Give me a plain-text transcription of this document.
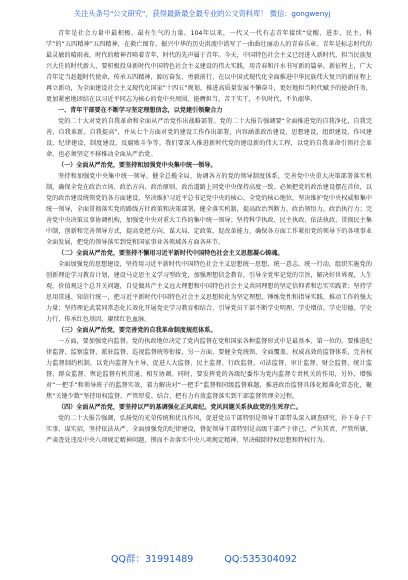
关注头条号"公文研究"，获得最新最全最专业的公文资料库！ 微信：gongwenyj

青年是社会力量中最积极、最有生气的力量。104年以来，一代又一代有志青年接续“觉醒、进步、民主、科学”的“五四精神”五四精神，在救亡图存、振兴中华的历史洪流中谱写了一曲曲壮丽动人的青春乐章。青年是标志时代的最灵敏的晴雨表，时代的精神召唤着青年，时代的先声属于青年。今天，中国特色社会主义已经进入新时代，担当民族复兴大任的时代新人，要积极投身新时代中国特色社会主义建设的伟大实践，用青春和汗水书写新的篇章。新征程上，广大青年定当赶超时代使命，传承五四精神，踔厉奋发、勇毅前行，在以中国式现代化全面推进中华民族伟大复兴的新征程上再立新功，为全面建设社会主义现代化国家“十四五”规划、推进高质量发展不懈奋斗，更好地担当时代赋予的使命任务，更加紧密地团结在以习近平同志为核心的党中央周围，挺膺担当、苦干实干，不负时代，不负韶华。

一、青年干部要在不断学习坚定理想信念，以党建引领聚合力

党的二十大对党的自我革命和全面从严治党作出战略部署。党的二十大报告强调要“全面推进党的自我净化、自我完善、自我革新、自我提高”，并从七个方面对党的建设工作作出部署，内容涵盖政治建设、思想建设、组织建设、作风建设、纪律建设、制度建设、反腐败斗争等。我们要深入推进新时代党的建设新的伟大工程，以党的自我革命引领社会革命，也必须坚定不移推动全面从严治党。

（一）全面从严治党，要坚持和加强党中央集中统一领导。

坚持和加强党中央集中统一领导，健全总揽全局、协调各方的党的领导制度体系，完善党中央重大决策部署落实机制，确保全党在政治立场、政治方向、政治原则、政治道路上同党中央保持高度一致。必须把党的政治建设摆在首位，以党的政治建设统领党的各方面建设，坚决维护习近平总书记党中央的核心、全党的核心地位，坚决维护党中央权威和集中统一领导，全面贯彻落实党的路线方针政策和决策部署，健全落实机制，提高政治判断力、政治领悟力、政治执行力；完善党中央决策议事协调机构，加强党中央对重大工作的集中统一领导；坚持科学执政、民主执政、依法执政，贯彻民主集中制，创新和完善领导方式，提高党把方向、谋大局、定政策、促改革能力，确保各方面工作紧扣党的领导下的各项事业全面发展，把党的领导落实到党和国家事业各领域各方面各环节。

（二）全面从严治党，要坚持不懈用习近平新时代中国特色社会主义思想凝心铸魂。

全面加强党的思想建设，坚持用习近平新时代中国特色社会主义思想统一思想、统一意志、统一行动，组织实施党的创新理论学习教育计划，建设马克思主义学习型政党，加强理想信念教育，引导全党牢记党的宗旨，解决好世界观、人生观、价值观这个总开关问题，自觉做共产主义远大理想和中国特色社会主义共同理想的坚定信仰者和忠实实践者；坚持学思用贯通、知信行统一，把习近平新时代中国特色社会主义思想转化为坚定理想、锤炼党性和指导实践、推动工作的强大力量；坚持理论武装同常态化长效化开展党史学习教育相结合，引导党员干部不断学史明理、学史增信、学史崇德、学史力行，传承红色基因，赓续红色血脉。

（三）全面从严治党，要完善党的自我革命制度规范体系。

一方面，要加强党内监督。党的执政地位决定了党内监督在党和国家各种监督形式中是最基本、第一位的。要推进纪律监督、监察监督、派驻监督、巡视监督统筹衔接，另一方面，要健全党统领、全面覆盖、权威高效的监督体系，完善权力监督制约机制，以党内监督为主导，促进人大监督、民主监督、行政监督、司法监督、审计监督、财会监督、统计监督、群众监督、舆论监督有机贯通、相互协调。同时，要发挥党的各级纪委作为党内监督专责机关的作用，另外，增强对“一把手”和领导班子的监督实效，着力解决对“一把手”监督和同级监督难题，推进政治监督具体化精准化常态化，聚焦“关键少数”坚持用权监督、严管厚爱、结合，把有力有效监督落实到干部监督管理全过程。

（四）全面从严治党，要坚持以严的基调强化正风肃纪。党风问题关系执政党的生死存亡。

党的二十大报告强调，弘扬党的光荣传统和优良作风，促进党员干部特别是领导干部带头深入调查研究，扑下身子干实事、谋实招，坚持依法从严，全面加强党的纪律建设，督促领导干部特别是高级干部严于律己、严负其责、严管所辖，严肃查处违反中央八项规定精神问题，锲而不舍落实中央八项规定精神，坚决破除特权思想和特权行为。

QQ群：31991489	QQ:535304092
